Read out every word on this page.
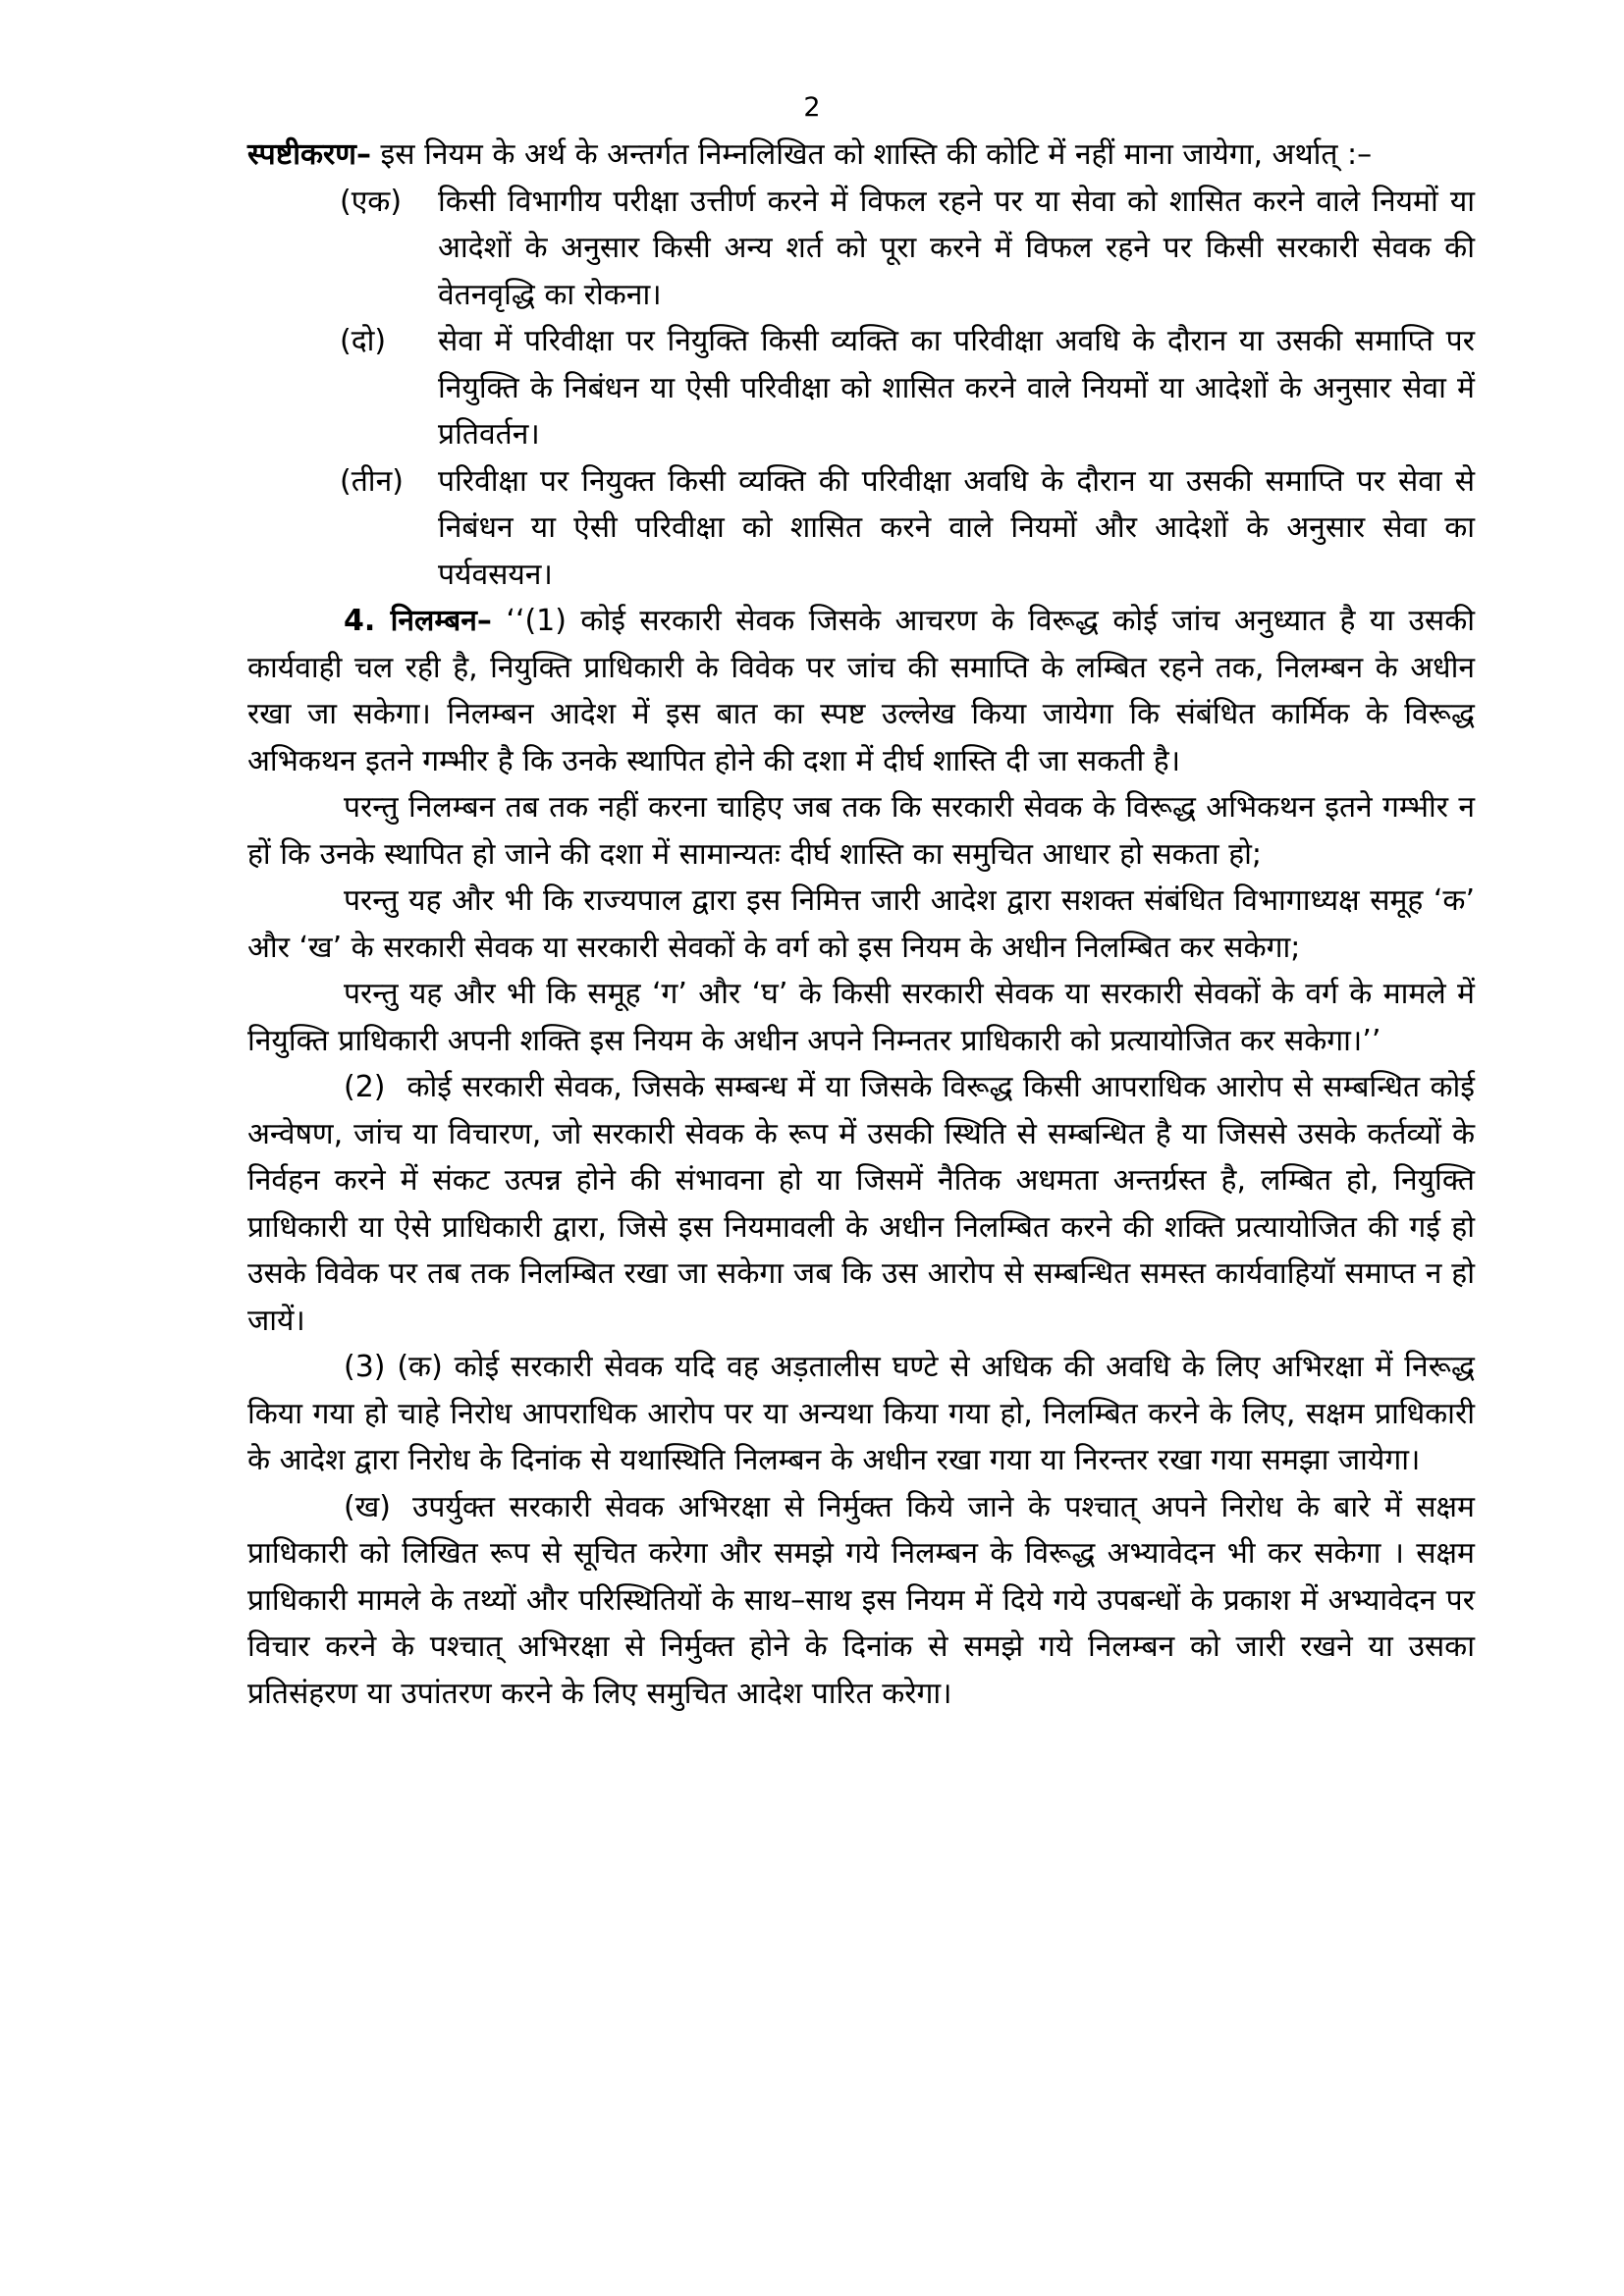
2

स्पष्टीकरण– इस नियम के अर्थ के अन्तर्गत निम्नलिखित को शास्ति की कोटि में नहीं माना जायेगा, अर्थात् :–

(एक)	किसी विभागीय परीक्षा उत्तीर्ण करने में विफल रहने पर या सेवा को शासित करने वाले नियमों या आदेशों के अनुसार किसी अन्य शर्त को पूरा करने में विफल रहने पर किसी सरकारी सेवक की वेतनवृद्धि का रोकना।
(दो)	सेवा में परिवीक्षा पर नियुक्ति किसी व्यक्ति का परिवीक्षा अवधि के दौरान या उसकी समाप्ति पर नियुक्ति के निबंधन या ऐसी परिवीक्षा को शासित करने वाले नियमों या आदेशों के अनुसार सेवा में प्रतिवर्तन।
(तीन)	परिवीक्षा पर नियुक्त किसी व्यक्ति की परिवीक्षा अवधि के दौरान या उसकी समाप्ति पर सेवा से निबंधन या ऐसी परिवीक्षा को शासित करने वाले नियमों और आदेशों के अनुसार सेवा का पर्यवसयन।

4. निलम्बन– ‘‘(1) कोई सरकारी सेवक जिसके आचरण के विरूद्ध कोई जांच अनुध्यात है या उसकी कार्यवाही चल रही है, नियुक्ति प्राधिकारी के विवेक पर जांच की समाप्ति के लम्बित रहने तक, निलम्बन के अधीन रखा जा सकेगा। निलम्बन आदेश में इस बात का स्पष्ट उल्लेख किया जायेगा कि संबंधित कार्मिक के विरूद्ध अभिकथन इतने गम्भीर है कि उनके स्थापित होने की दशा में दीर्घ शास्ति दी जा सकती है।

परन्तु निलम्बन तब तक नहीं करना चाहिए जब तक कि सरकारी सेवक के विरूद्ध अभिकथन इतने गम्भीर न हों कि उनके स्थापित हो जाने की दशा में सामान्यतः दीर्घ शास्ति का समुचित आधार हो सकता हो;

परन्तु यह और भी कि राज्यपाल द्वारा इस निमित्त जारी आदेश द्वारा सशक्त संबंधित विभागाध्यक्ष समूह ‘क’ और ‘ख’ के सरकारी सेवक या सरकारी सेवकों के वर्ग को इस नियम के अधीन निलम्बित कर सकेगा;

परन्तु यह और भी कि समूह ‘ग’ और ‘घ’ के किसी सरकारी सेवक या सरकारी सेवकों के वर्ग के मामले में नियुक्ति प्राधिकारी अपनी शक्ति इस नियम के अधीन अपने निम्नतर प्राधिकारी को प्रत्यायोजित कर सकेगा।’’

(2) कोई सरकारी सेवक, जिसके सम्बन्ध में या जिसके विरूद्ध किसी आपराधिक आरोप से सम्बन्धित कोई अन्वेषण, जांच या विचारण, जो सरकारी सेवक के रूप में उसकी स्थिति से सम्बन्धित है या जिससे उसके कर्तव्यों के निर्वहन करने में संकट उत्पन्न होने की संभावना हो या जिसमें नैतिक अधमता अन्तर्ग्रस्त है, लम्बित हो, नियुक्ति प्राधिकारी या ऐसे प्राधिकारी द्वारा, जिसे इस नियमावली के अधीन निलम्बित करने की शक्ति प्रत्यायोजित की गई हो उसके विवेक पर तब तक निलम्बित रखा जा सकेगा जब कि उस आरोप से सम्बन्धित समस्त कार्यवाहियॉ समाप्त न हो जायें।

(3) (क) कोई सरकारी सेवक यदि वह अड़तालीस घण्टे से अधिक की अवधि के लिए अभिरक्षा में निरूद्ध किया गया हो चाहे निरोध आपराधिक आरोप पर या अन्यथा किया गया हो, निलम्बित करने के लिए, सक्षम प्राधिकारी के आदेश द्वारा निरोध के दिनांक से यथास्थिति निलम्बन के अधीन रखा गया या निरन्तर रखा गया समझा जायेगा।

(ख) उपर्युक्त सरकारी सेवक अभिरक्षा से निर्मुक्त किये जाने के पश्चात् अपने निरोध के बारे में सक्षम प्राधिकारी को लिखित रूप से सूचित करेगा और समझे गये निलम्बन के विरूद्ध अभ्यावेदन भी कर सकेगा । सक्षम प्राधिकारी मामले के तथ्यों और परिस्थितियों के साथ–साथ इस नियम में दिये गये उपबन्धों के प्रकाश में अभ्यावेदन पर विचार करने के पश्चात् अभिरक्षा से निर्मुक्त होने के दिनांक से समझे गये निलम्बन को जारी रखने या उसका प्रतिसंहरण या उपांतरण करने के लिए समुचित आदेश पारित करेगा।
